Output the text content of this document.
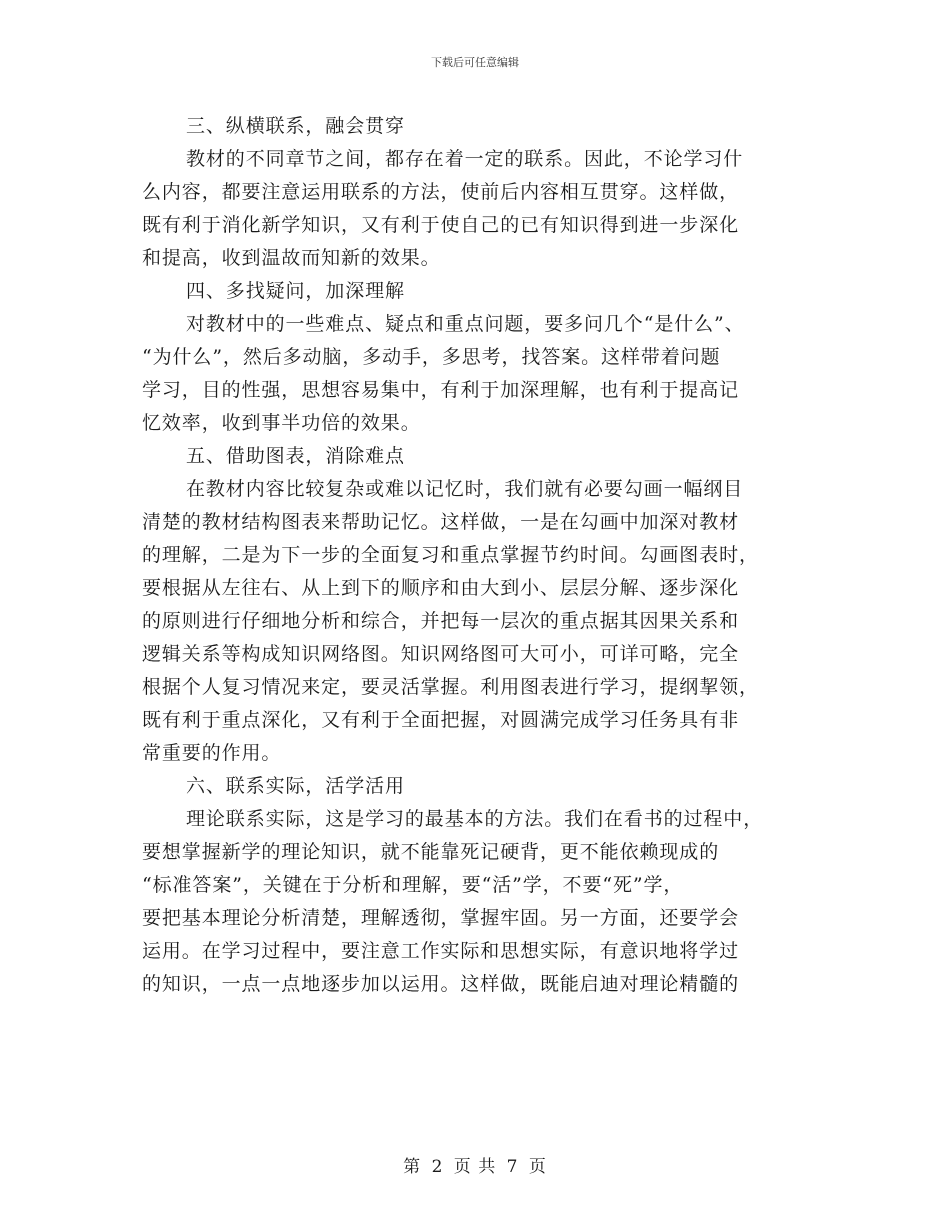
下载后可任意编辑
三、纵横联系，融会贯穿
教材的不同章节之间，都存在着一定的联系。因此，不论学习什
么内容，都要注意运用联系的方法，使前后内容相互贯穿。这样做，
既有利于消化新学知识，又有利于使自己的已有知识得到进一步深化
和提高，收到温故而知新的效果。
四、多找疑问，加深理解
对教材中的一些难点、疑点和重点问题，要多问几个“是什么”、
“为什么”，然后多动脑，多动手，多思考，找答案。这样带着问题
学习，目的性强，思想容易集中，有利于加深理解，也有利于提高记
忆效率，收到事半功倍的效果。
五、借助图表，消除难点
在教材内容比较复杂或难以记忆时，我们就有必要勾画一幅纲目
清楚的教材结构图表来帮助记忆。这样做，一是在勾画中加深对教材
的理解，二是为下一步的全面复习和重点掌握节约时间。勾画图表时，
要根据从左往右、从上到下的顺序和由大到小、层层分解、逐步深化
的原则进行仔细地分析和综合，并把每一层次的重点据其因果关系和
逻辑关系等构成知识网络图。知识网络图可大可小，可详可略，完全
根据个人复习情况来定，要灵活掌握。利用图表进行学习，提纲挈领，
既有利于重点深化，又有利于全面把握，对圆满完成学习任务具有非
常重要的作用。
六、联系实际，活学活用
理论联系实际，这是学习的最基本的方法。我们在看书的过程中，
要想掌握新学的理论知识，就不能靠死记硬背，更不能依赖现成的
“标准答案”，关键在于分析和理解，要“活”学，不要“死”学，
要把基本理论分析清楚，理解透彻，掌握牢固。另一方面，还要学会
运用。在学习过程中，要注意工作实际和思想实际，有意识地将学过
的知识，一点一点地逐步加以运用。这样做，既能启迪对理论精髓的
第 2 页 共 7 页
